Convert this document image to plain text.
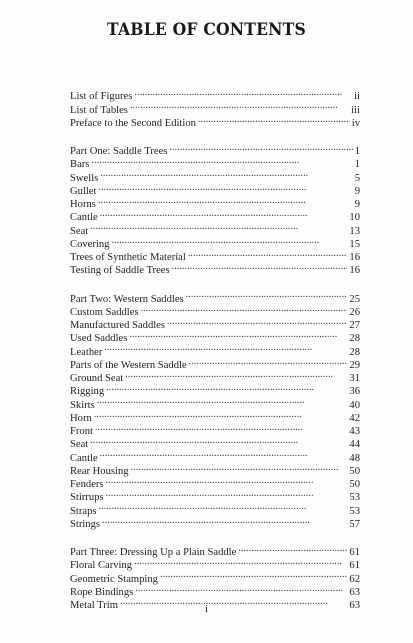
TABLE OF CONTENTS
List of Figures . . .	ii
List of Tables . . .	iii
Preface to the Second Edition . . .	iv
Part One: Saddle Trees . . .	1
Bars . . .	1
Swells . . .	5
Gullet . . .	9
Horns . . .	9
Cantle . . .	10
Seat . . .	13
Covering . . .	15
Trees of Synthetic Material . . .	16
Testing of Saddle Trees . . .	16
Part Two: Western Saddles . . .	25
Custom Saddles . . .	26
Manufactured Saddles . . .	27
Used Saddles . . .	28
Leather . . .	28
Parts of the Western Saddle . . .	29
Ground Seat . . .	31
Rigging . . .	36
Skirts . . .	40
Horn . . .	42
Front . . .	43
Seat . . .	44
Cantle . . .	48
Rear Housing . . .	50
Fenders . . .	50
Stirrups . . .	53
Straps . . .	53
Strings . . .	57
Part Three: Dressing Up a Plain Saddle . . .	61
Floral Carving . . .	61
Geometric Stamping . . .	62
Rope Bindings . . .	63
Metal Trim . . .	63
i
